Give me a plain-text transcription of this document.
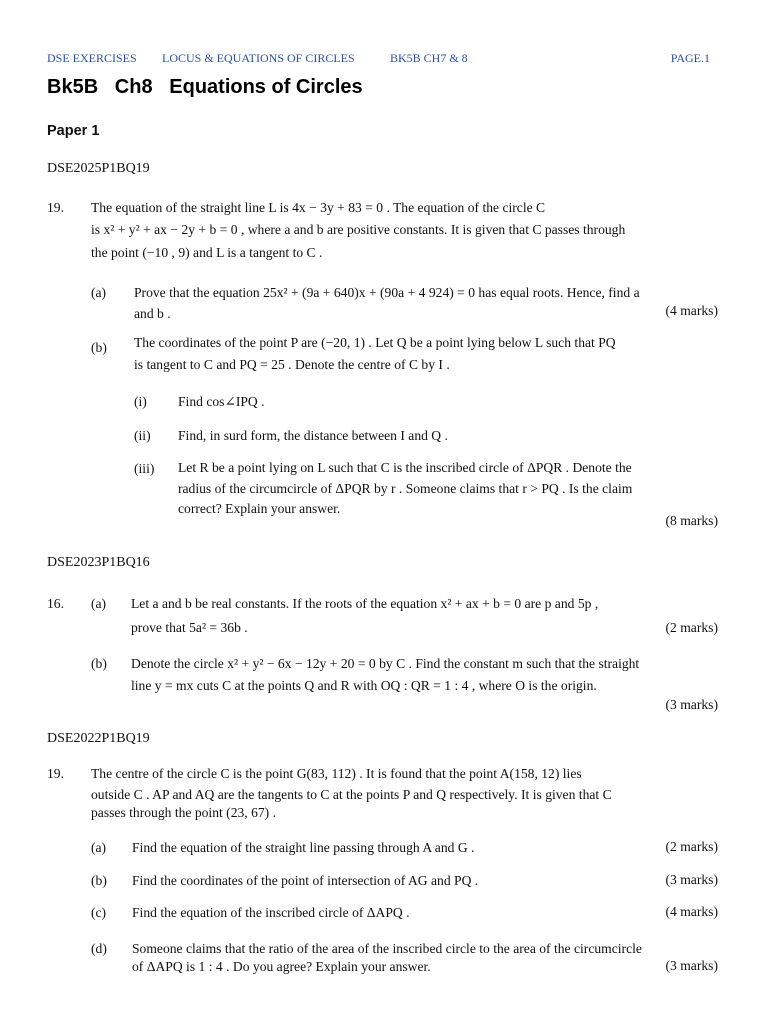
DSE EXERCISES LOCUS & EQUATIONS OF CIRCLES	BK5B CH7 & 8	PAGE.1
Bk5B   Ch8   Equations of Circles
Paper 1
DSE2025P1BQ19
19. The equation of the straight line L is 4x − 3y + 83 = 0 . The equation of the circle C
is x² + y² + ax − 2y + b = 0 , where a and b are positive constants. It is given that C passes through
the point (−10 , 9) and L is a tangent to C .
(a) Prove that the equation 25x² + (9a + 640)x + (90a + 4 924) = 0 has equal roots. Hence, find a
and b .	(4 marks)
(b) The coordinates of the point P are (−20, 1) . Let Q be a point lying below L such that PQ
is tangent to C and PQ = 25 . Denote the centre of C by I .
(i) Find cos∠IPQ .
(ii) Find, in surd form, the distance between I and Q .
(iii) Let R be a point lying on L such that C is the inscribed circle of ΔPQR . Denote the
radius of the circumcircle of ΔPQR by r . Someone claims that r > PQ . Is the claim
correct? Explain your answer.
(8 marks)
DSE2023P1BQ16
16. (a) Let a and b be real constants. If the roots of the equation x² + ax + b = 0 are p and 5p ,
prove that 5a² = 36b .	(2 marks)
(b) Denote the circle x² + y² − 6x − 12y + 20 = 0 by C . Find the constant m such that the straight
line y = mx cuts C at the points Q and R with OQ : QR = 1 : 4 , where O is the origin.
(3 marks)
DSE2022P1BQ19
19. The centre of the circle C is the point G(83, 112) . It is found that the point A(158, 12) lies
outside C . AP and AQ are the tangents to C at the points P and Q respectively. It is given that C
passes through the point (23, 67) .
(a) Find the equation of the straight line passing through A and G .	(2 marks)
(b) Find the coordinates of the point of intersection of AG and PQ .	(3 marks)
(c) Find the equation of the inscribed circle of ΔAPQ .	(4 marks)
(d) Someone claims that the ratio of the area of the inscribed circle to the area of the circumcircle
of ΔAPQ is 1 : 4 . Do you agree? Explain your answer.	(3 marks)
